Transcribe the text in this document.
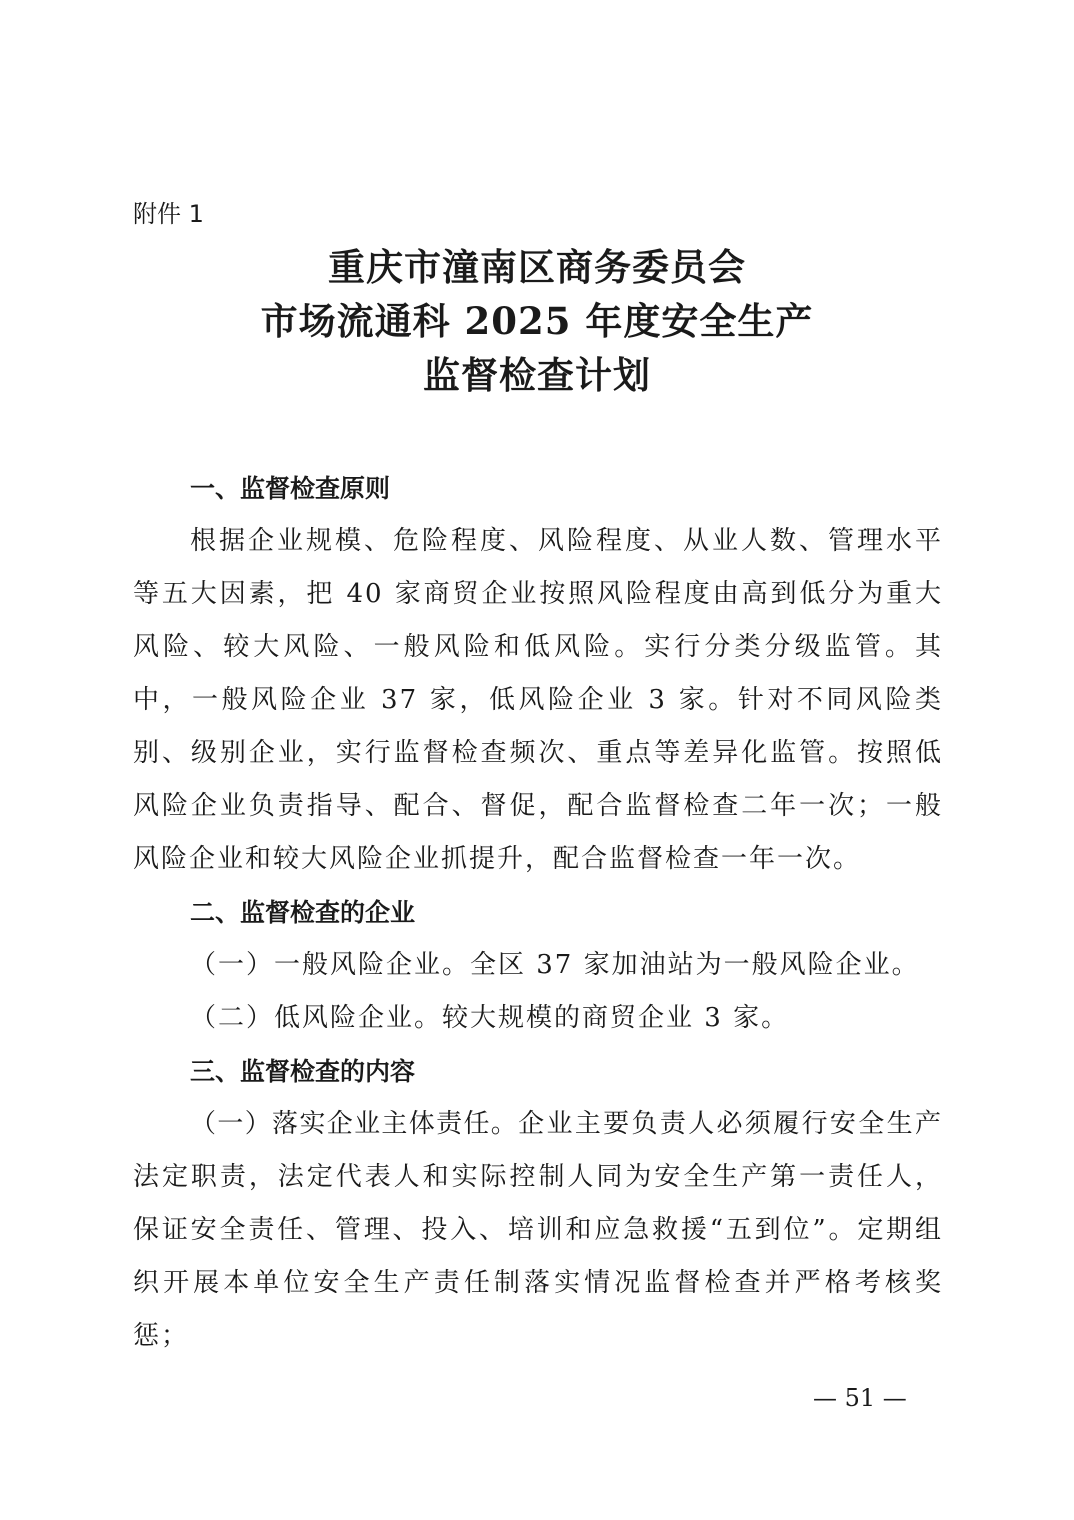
附件 1
重庆市潼南区商务委员会
市场流通科 2025 年度安全生产
监督检查计划

一、监督检查原则

根据企业规模、危险程度、风险程度、从业人数、管理水平等五大因素，把 40 家商贸企业按照风险程度由高到低分为重大风险、较大风险、一般风险和低风险。实行分类分级监管。其中，一般风险企业 37 家，低风险企业 3 家。针对不同风险类别、级别企业，实行监督检查频次、重点等差异化监管。按照低风险企业负责指导、配合、督促，配合监督检查二年一次；一般风险企业和较大风险企业抓提升，配合监督检查一年一次。

二、监督检查的企业

（一）一般风险企业。全区 37 家加油站为一般风险企业。

（二）低风险企业。较大规模的商贸企业 3 家。

三、监督检查的内容

（一）落实企业主体责任。企业主要负责人必须履行安全生产法定职责，法定代表人和实际控制人同为安全生产第一责任人，保证安全责任、管理、投入、培训和应急救援“五到位”。定期组织开展本单位安全生产责任制落实情况监督检查并严格考核奖惩；

— 51 —
